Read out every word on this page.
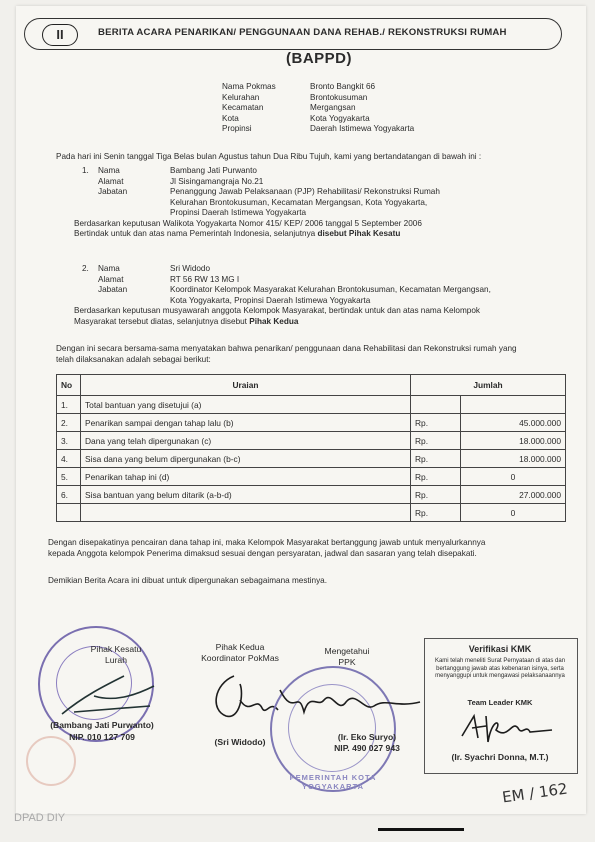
II	BERITA ACARA PENARIKAN/ PENGGUNAAN DANA REHAB./ REKONSTRUKSI RUMAH
(BAPPD)
Nama Pokmas	Bronto Bangkit 66
Kelurahan	Brontokusuman
Kecamatan	Mergangsan
Kota	Kota Yogyakarta
Propinsi	Daerah Istimewa Yogyakarta
Pada hari ini Senin tanggal Tiga Belas bulan Agustus tahun Dua Ribu Tujuh, kami yang bertandatangan di bawah ini :
1. Nama	Bambang Jati Purwanto
Alamat	Jl Sisingamangraja No.21
Jabatan	Penanggung Jawab Pelaksanaan (PJP) Rehabilitasi/ Rekonstruksi Rumah
Kelurahan Brontokusuman, Kecamatan Mergangsan, Kota Yogyakarta,
Propinsi Daerah Istimewa Yogyakarta
Berdasarkan keputusan Walikota Yogyakarta Nomor 415/ KEP/ 2006 tanggal 5 September 2006
Bertindak untuk dan atas nama Pemerintah Indonesia, selanjutnya disebut Pihak Kesatu
2. Nama	Sri Widodo
Alamat	RT 56 RW 13 MG I
Jabatan	Koordinator Kelompok Masyarakat Kelurahan Brontokusuman, Kecamatan Mergangsan,
Kota Yogyakarta, Propinsi Daerah Istimewa Yogyakarta
Berdasarkan keputusan musyawarah anggota Kelompok Masyarakat, bertindak untuk dan atas nama Kelompok
Masyarakat tersebut diatas, selanjutnya disebut Pihak Kedua
Dengan ini secara bersama-sama menyatakan bahwa penarikan/ penggunaan dana Rehabilitasi dan Rekonstruksi rumah yang
telah dilaksanakan adalah sebagai berikut:
No	Uraian	Jumlah	
1.	Total bantuan yang disetujui (a)		
2.	Penarikan sampai dengan tahap lalu (b)	Rp.	45.000.000
3.	Dana yang telah dipergunakan (c)	Rp.	18.000.000
4.	Sisa dana yang belum dipergunakan (b-c)	Rp.	18.000.000
5.	Penarikan tahap ini (d)	Rp.	0
6.	Sisa bantuan yang belum ditarik (a-b-d)	Rp.	27.000.000
		Rp.	0
Dengan disepakatinya pencairan dana tahap ini, maka Kelompok Masyarakat bertanggung jawab untuk menyalurkannya
kepada Anggota kelompok Penerima dimaksud sesuai dengan persyaratan, jadwal dan sasaran yang telah disepakati.
Demikian Berita Acara ini dibuat untuk dipergunakan sebagaimana mestinya.
Pihak Kesatu
Lurah
(Bambang Jati Purwanto)
NIP. 010 127 709
Pihak Kedua
Koordinator PokMas
(Sri Widodo)
Mengetahui
PPK
PEMERINTAH KOTA YOGYAKARTA
(Ir. Eko Suryo)
NIP. 490 027 943
Verifikasi KMK
Kami telah meneliti Surat Pernyataan di atas dan bertanggung jawab atas kebenaran isinya, serta menyanggupi untuk mengawasi pelaksanaannya
Team Leader KMK
(Ir. Syachri Donna, M.T.)
EM / 162
DPAD DIY
